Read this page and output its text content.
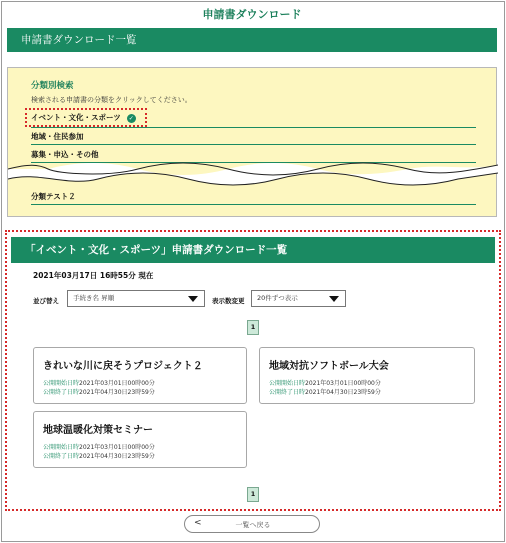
申請書ダウンロード
申請書ダウンロード一覧
分類別検索
検索される申請書の分類をクリックしてください。
イベント・文化・スポーツ ✓
地域・住民参加
募集・申込・その他
分類テスト２
「イベント・文化・スポーツ」申請書ダウンロード一覧
2021年03月17日 16時55分 現在
並び替え	手続き名 昇順	表示数変更	20件ずつ表示
1
きれいな川に戻そうプロジェクト２
公開開始日時2021年03月01日00時00分
公開終了日時2021年04月30日23時59分
地域対抗ソフトボール大会
公開開始日時2021年03月01日00時00分
公開終了日時2021年04月30日23時59分
地球温暖化対策セミナー
公開開始日時2021年03月01日00時00分
公開終了日時2021年04月30日23時59分
1
<	一覧へ戻る
